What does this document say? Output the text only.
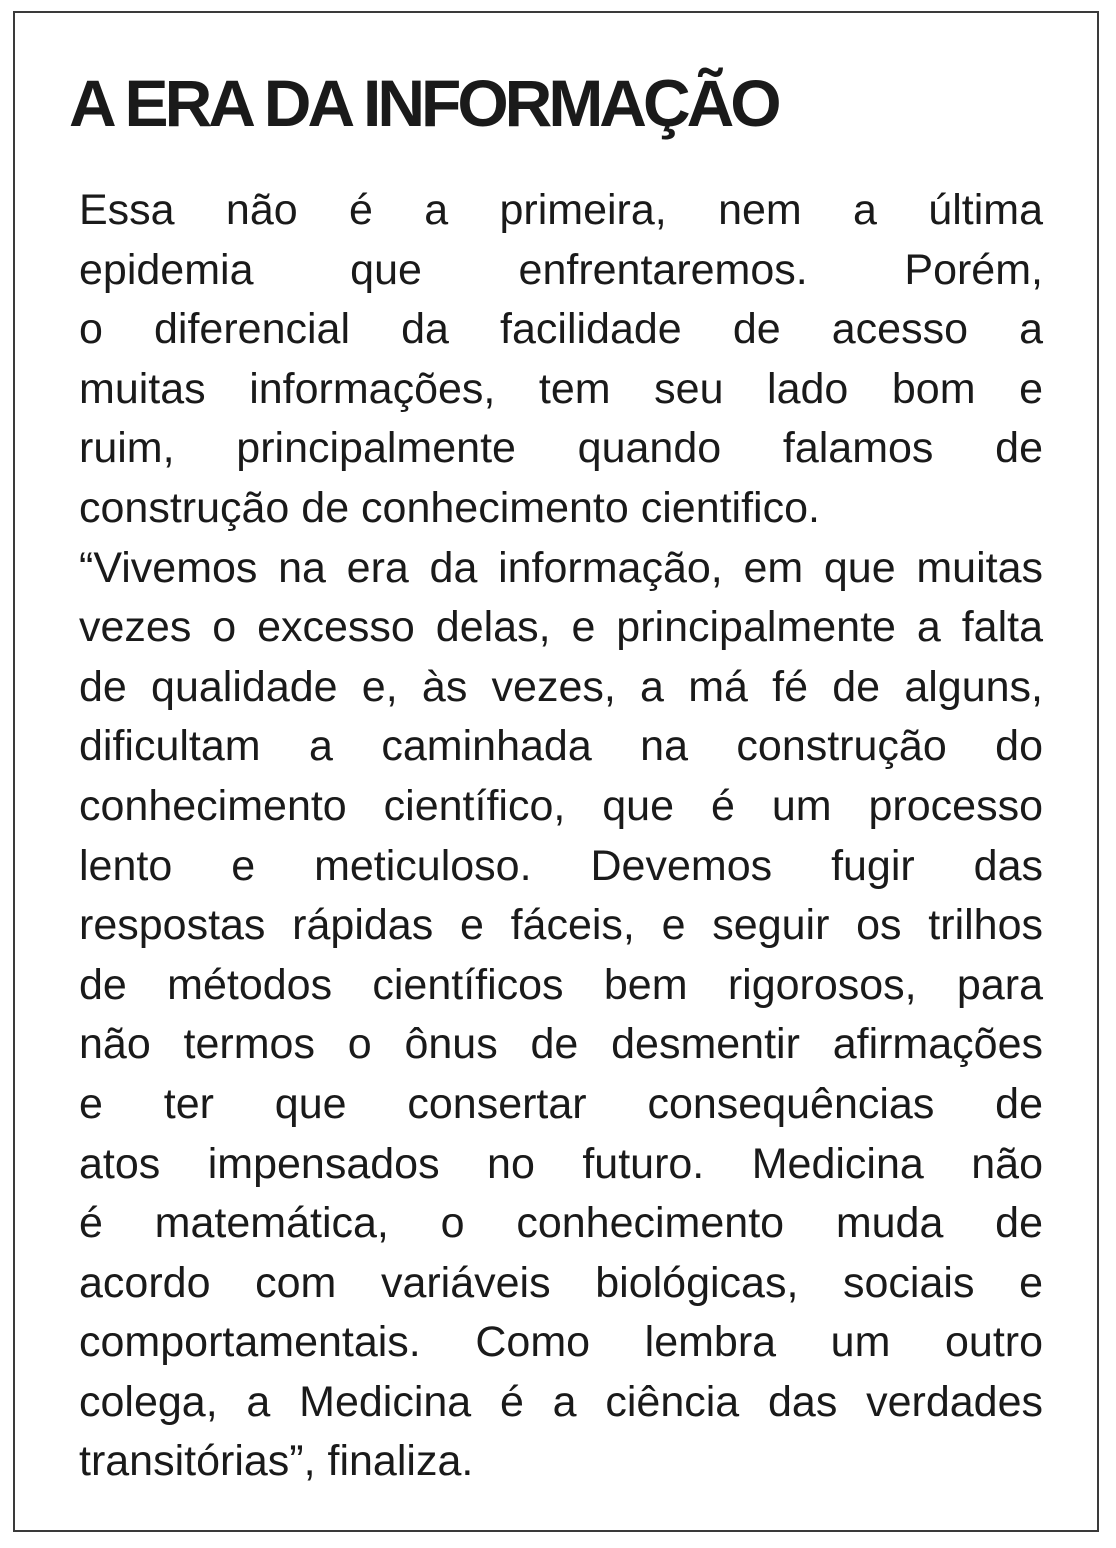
A ERA DA INFORMAÇÃO
Essa não é a primeira, nem a última
epidemia que enfrentaremos. Porém,
o diferencial da facilidade de acesso a
muitas informações, tem seu lado bom e
ruim, principalmente quando falamos de
construção de conhecimento cientifico.
“Vivemos na era da informação, em que muitas
vezes o excesso delas, e principalmente a falta
de qualidade e, às vezes, a má fé de alguns,
dificultam a caminhada na construção do
conhecimento científico, que é um processo
lento e meticuloso. Devemos fugir das
respostas rápidas e fáceis, e seguir os trilhos
de métodos científicos bem rigorosos, para
não termos o ônus de desmentir afirmações
e ter que consertar consequências de
atos impensados no futuro. Medicina não
é matemática, o conhecimento muda de
acordo com variáveis biológicas, sociais e
comportamentais. Como lembra um outro
colega, a Medicina é a ciência das verdades
transitórias”, finaliza.
